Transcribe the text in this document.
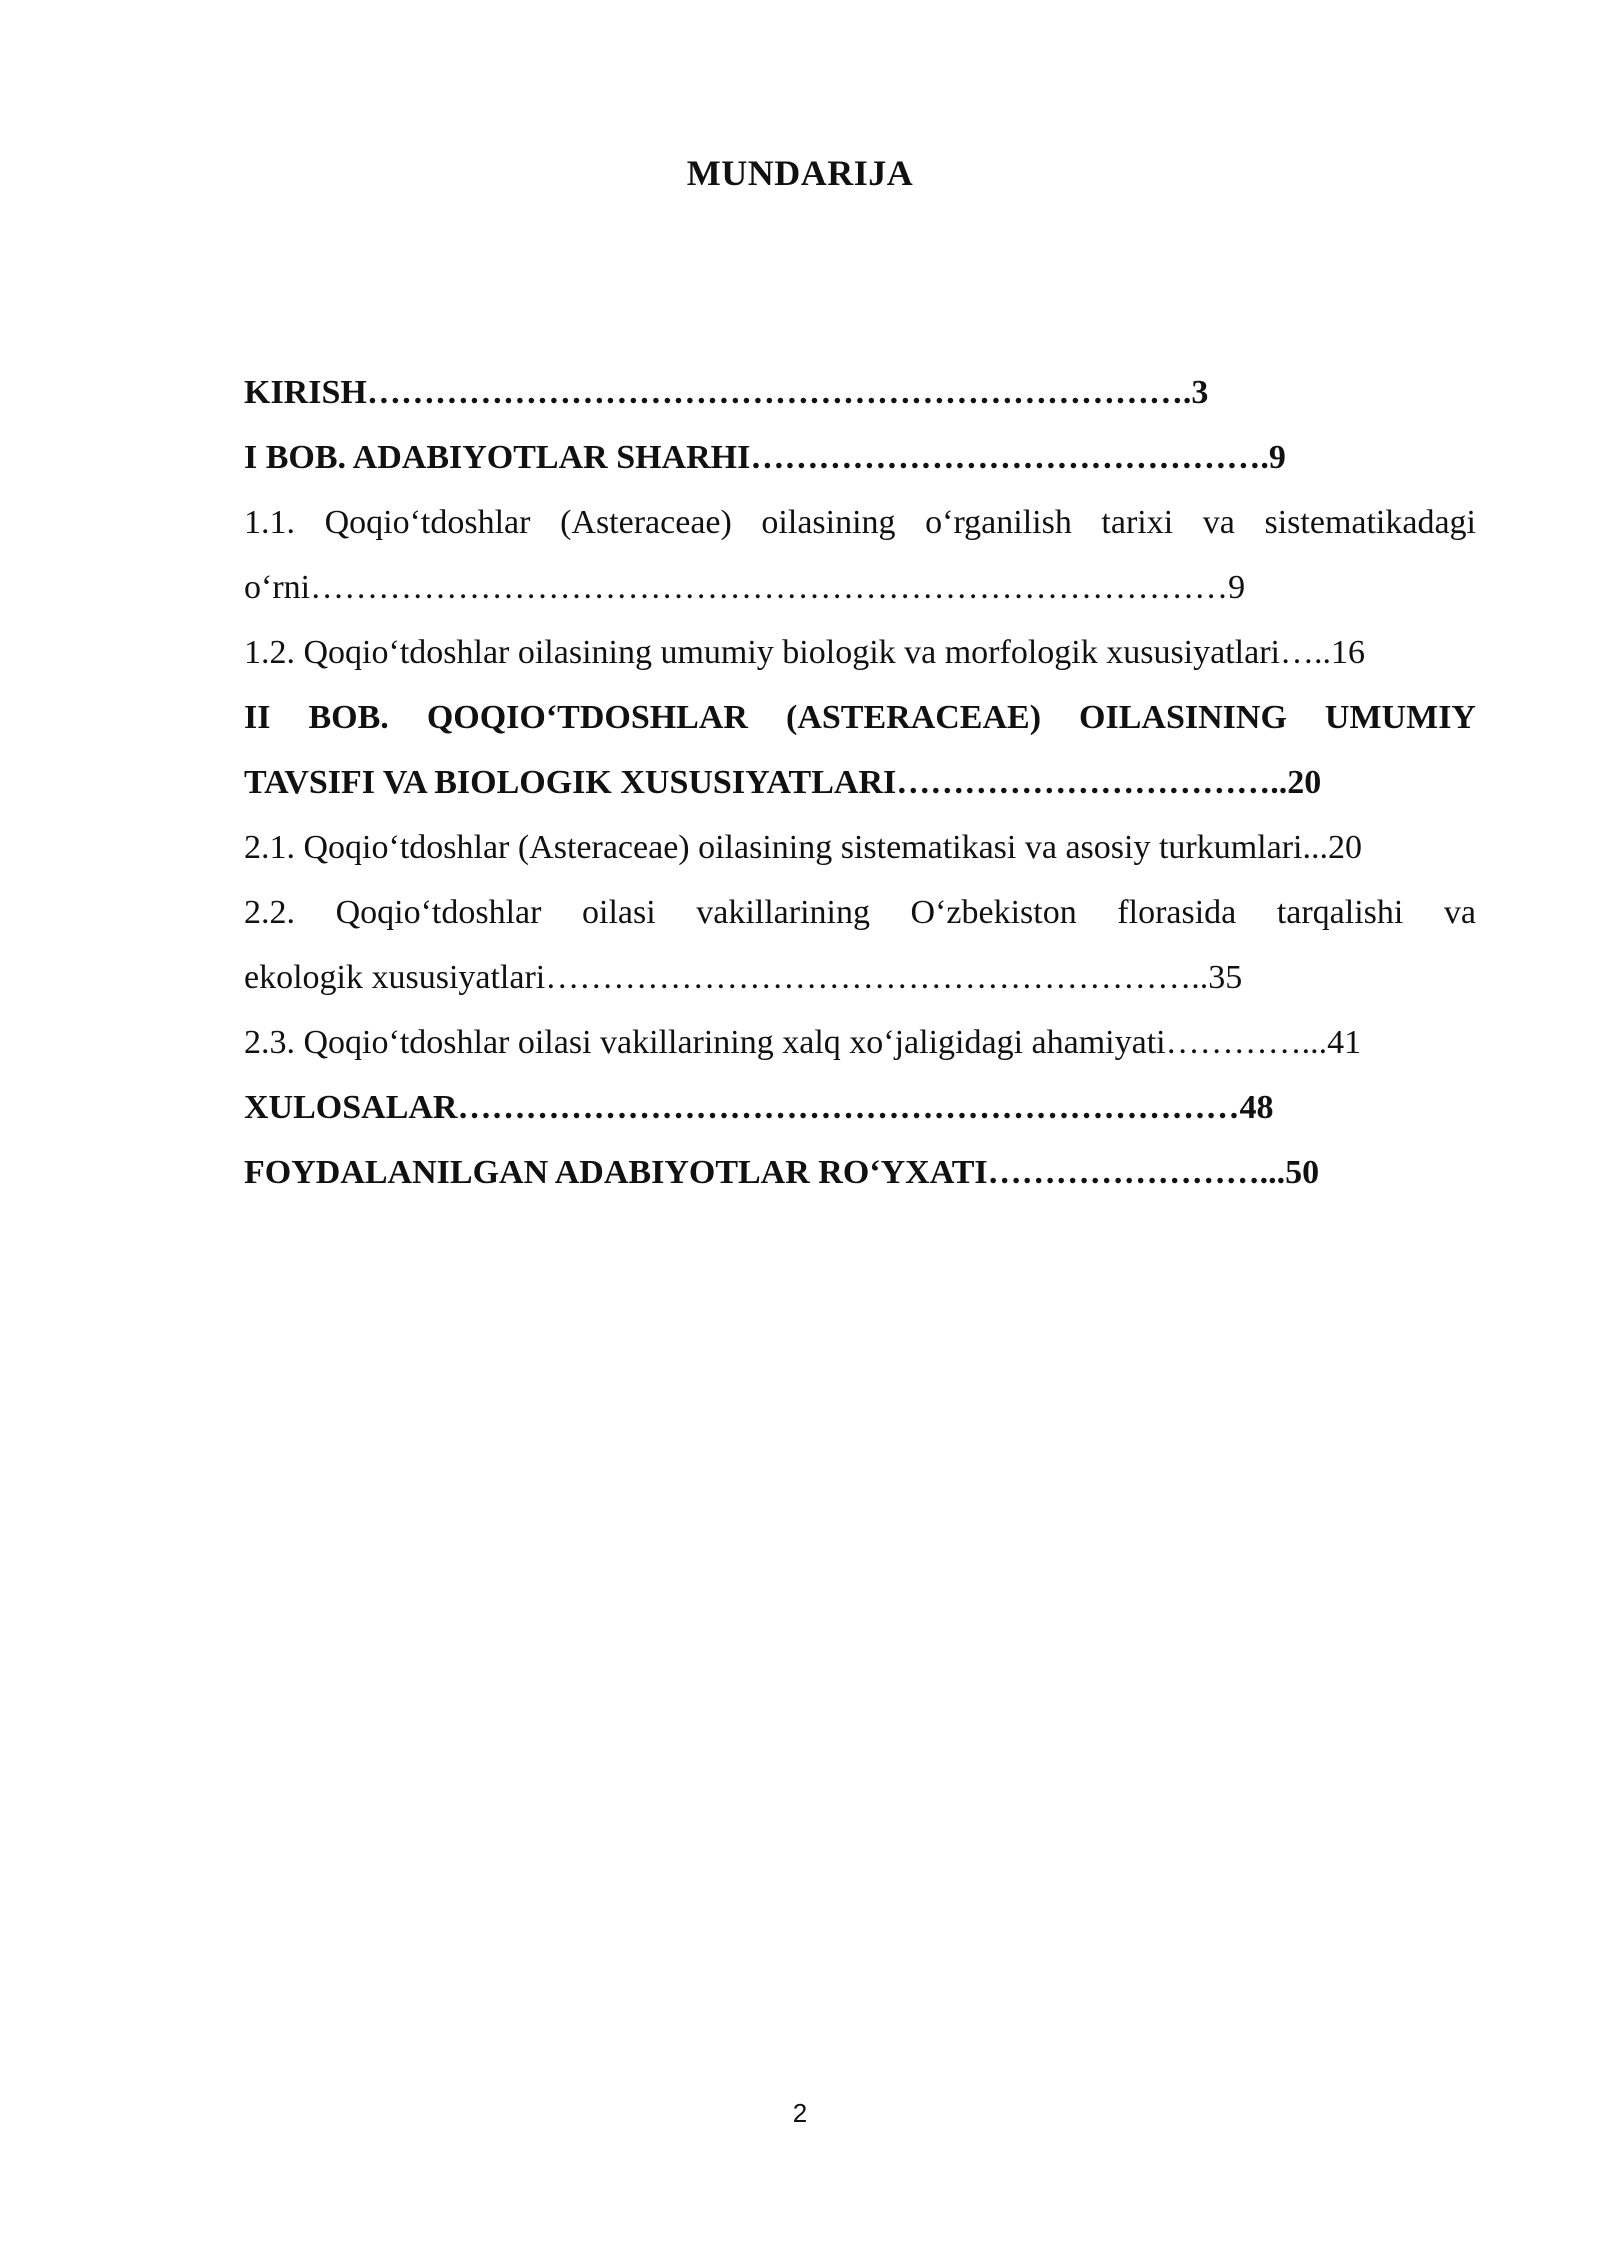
MUNDARIJA
KIRISH……………………………………………………………….3
I BOB. ADABIYOTLAR SHARHI……………………………………….9
1.1. Qoqio‘tdoshlar (Asteraceae) oilasining o‘rganilish tarixi va sistematikadagi
o‘rni………………………………………………………………………9
1.2. Qoqio‘tdoshlar oilasining umumiy biologik va morfologik xususiyatlari…..16
II BOB. QOQIO‘TDOSHLAR (ASTERACEAE) OILASINING UMUMIY
TAVSIFI VA BIOLOGIK XUSUSIYATLARI……………………………..20
2.1. Qoqio‘tdoshlar (Asteraceae) oilasining sistematikasi va asosiy turkumlari...20
2.2. Qoqio‘tdoshlar oilasi vakillarining O‘zbekiston florasida tarqalishi va
ekologik xususiyatlari…………………………………………………..35
2.3. Qoqio‘tdoshlar oilasi vakillarining xalq xo‘jaligidagi ahamiyati…………...41
XULOSALAR……………………………………………………………48
FOYDALANILGAN ADABIYOTLAR RO‘YXATI……………………...50
2
